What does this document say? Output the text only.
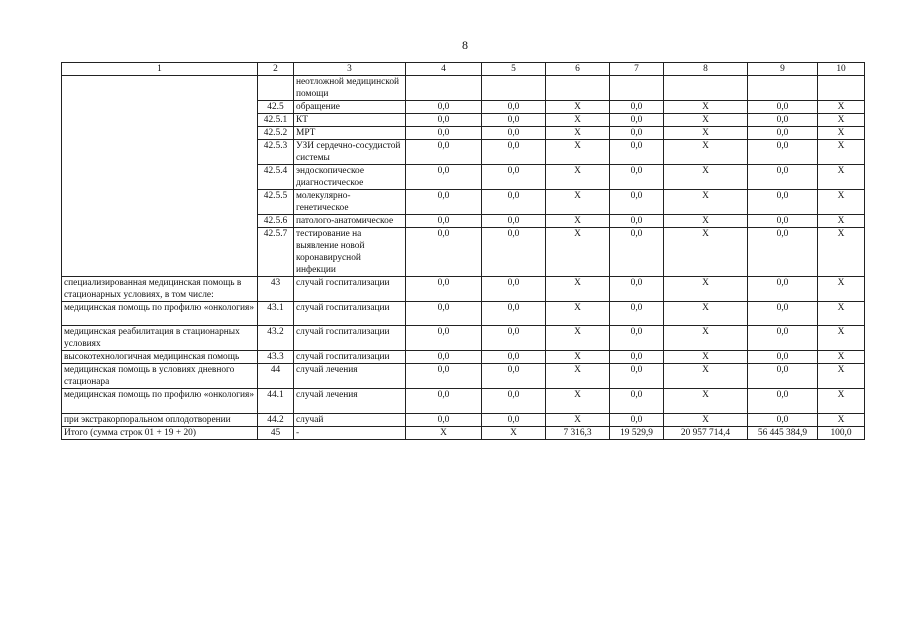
8
1	2	3	4	5	6	7	8	9	10
		неотложной медицинской помощи							
	42.5	обращение	0,0	0,0	X	0,0	X	0,0	X
	42.5.1	КТ	0,0	0,0	X	0,0	X	0,0	X
	42.5.2	МРТ	0,0	0,0	X	0,0	X	0,0	X
	42.5.3	УЗИ сердечно-сосудистой системы	0,0	0,0	X	0,0	X	0,0	X
	42.5.4	эндоскопическое диагностическое	0,0	0,0	X	0,0	X	0,0	X
	42.5.5	молекулярно-генетическое	0,0	0,0	X	0,0	X	0,0	X
	42.5.6	патолого-анатомическое	0,0	0,0	X	0,0	X	0,0	X
	42.5.7	тестирование на выявление новой коронавирусной инфекции	0,0	0,0	X	0,0	X	0,0	X
специализированная медицинская помощь в стационарных условиях, в том числе:	43	случай госпитализации	0,0	0,0	X	0,0	X	0,0	X
медицинская помощь по профилю «онкология»	43.1	случай госпитализации	0,0	0,0	X	0,0	X	0,0	X
медицинская реабилитация в стационарных условиях	43.2	случай госпитализации	0,0	0,0	X	0,0	X	0,0	X
высокотехнологичная медицинская помощь	43.3	случай госпитализации	0,0	0,0	X	0,0	X	0,0	X
медицинская помощь в условиях дневного стационара	44	случай лечения	0,0	0,0	X	0,0	X	0,0	X
медицинская помощь по профилю «онкология»	44.1	случай лечения	0,0	0,0	X	0,0	X	0,0	X
при экстракорпоральном оплодотворении	44.2	случай	0,0	0,0	X	0,0	X	0,0	X
Итого (сумма строк 01 + 19 + 20)	45	-	X	X	7 316,3	19 529,9	20 957 714,4	56 445 384,9	100,0
